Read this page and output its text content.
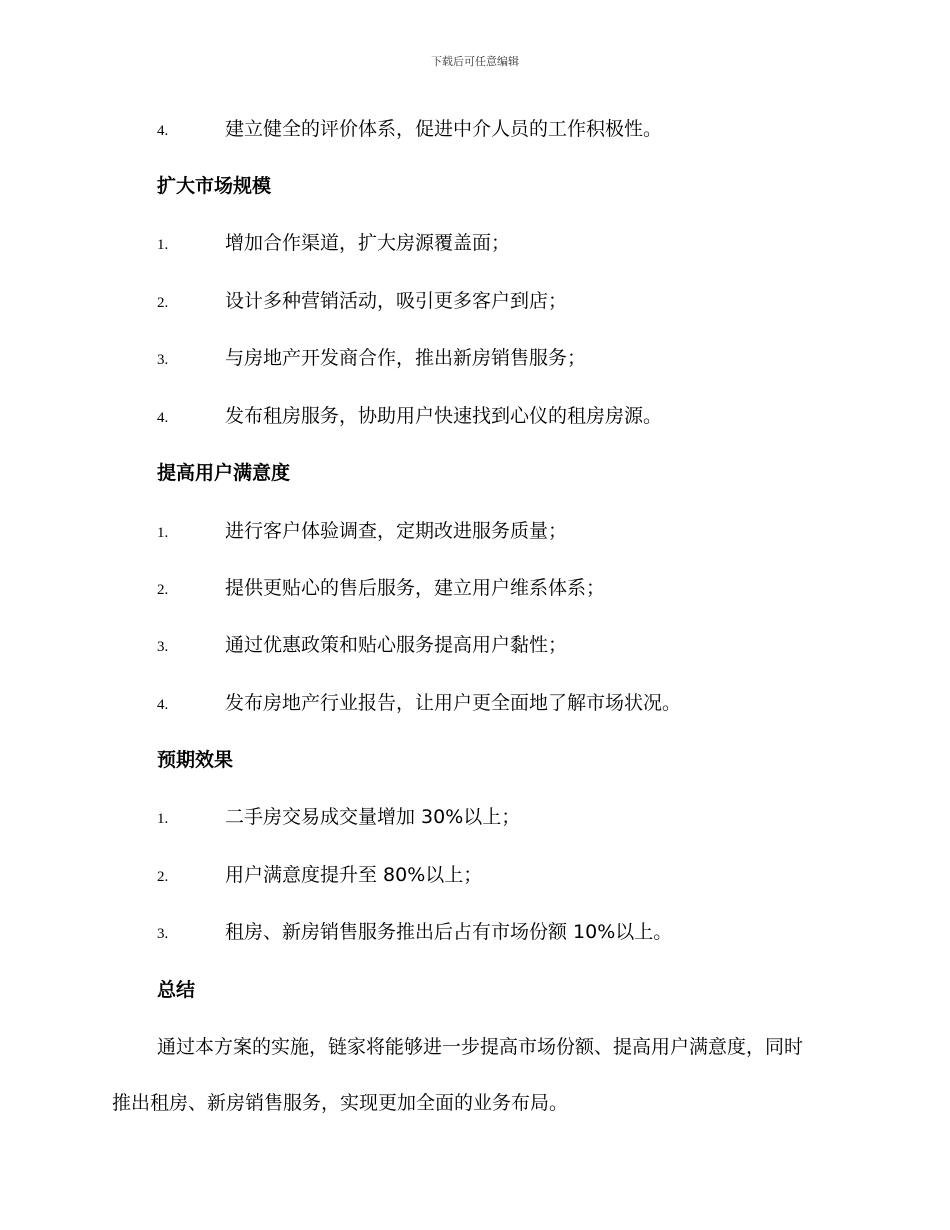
下载后可任意编辑
4.	建立健全的评价体系，促进中介人员的工作积极性。
扩大市场规模
1.	增加合作渠道，扩大房源覆盖面；
2.	设计多种营销活动，吸引更多客户到店；
3.	与房地产开发商合作，推出新房销售服务；
4.	发布租房服务，协助用户快速找到心仪的租房房源。
提高用户满意度
1.	进行客户体验调查，定期改进服务质量；
2.	提供更贴心的售后服务，建立用户维系体系；
3.	通过优惠政策和贴心服务提高用户黏性；
4.	发布房地产行业报告，让用户更全面地了解市场状况。
预期效果
1.	二手房交易成交量增加 30%以上；
2.	用户满意度提升至 80%以上；
3.	租房、新房销售服务推出后占有市场份额 10%以上。
总结
通过本方案的实施，链家将能够进一步提高市场份额、提高用户满意度，同时推出租房、新房销售服务，实现更加全面的业务布局。
